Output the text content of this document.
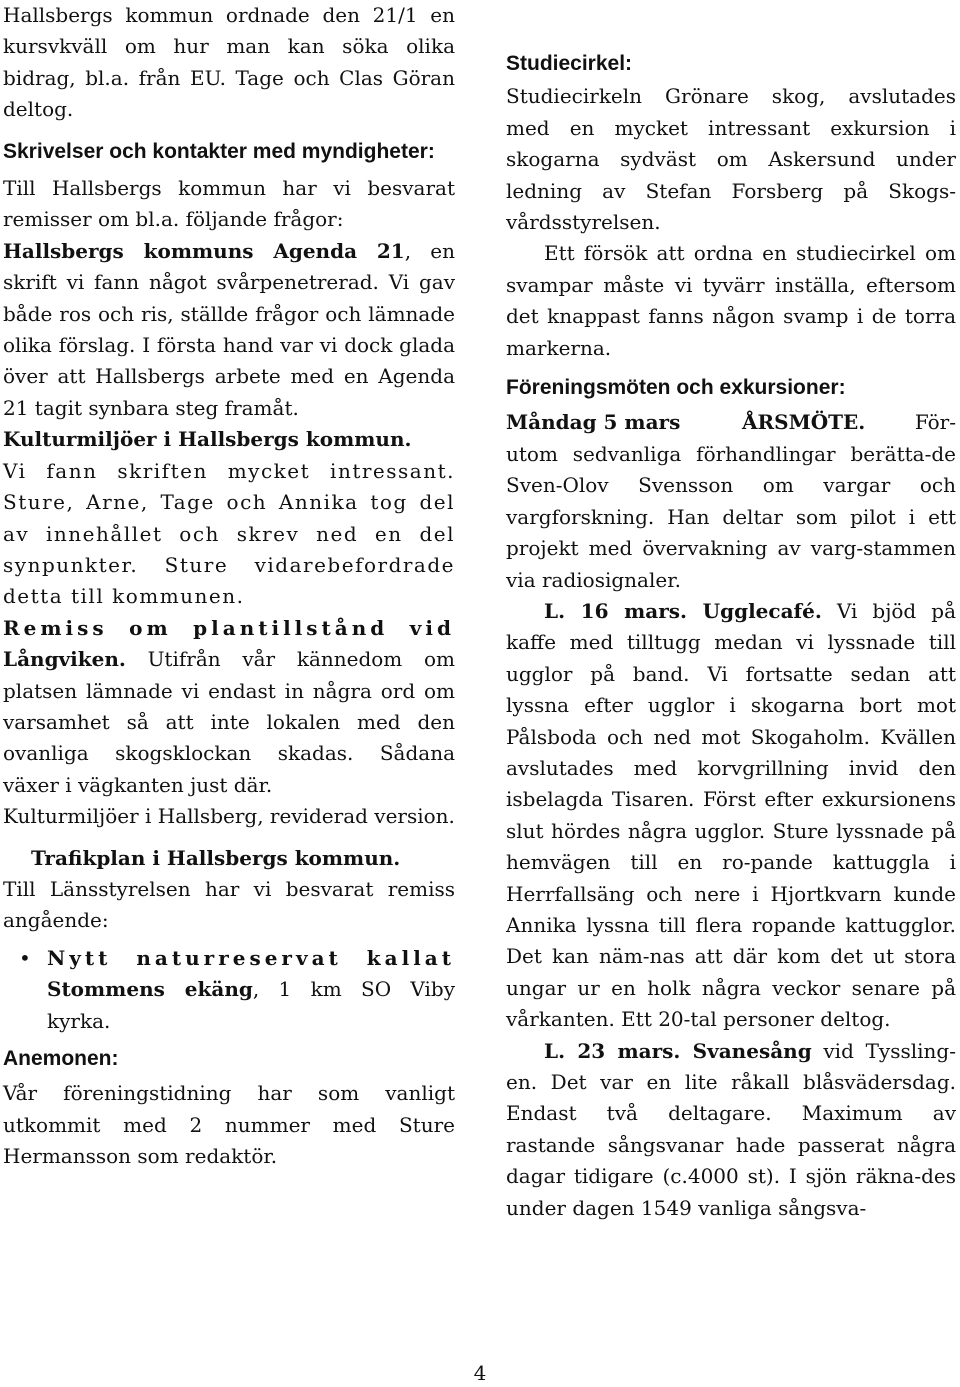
Hallsbergs kommun ordnade den 21/1 en kursvkväll om hur man kan söka olika bidrag, bl.a. från EU. Tage och Clas Göran deltog.

Skrivelser och kontakter med myndigheter:

Till Hallsbergs kommun har vi besvarat remisser om bl.a. följande frågor:

Hallsbergs kommuns Agenda 21, en skrift vi fann något svårpenetrerad. Vi gav både ros och ris, ställde frågor och lämnade olika förslag. I första hand var vi dock glada över att Hallsbergs arbete med en Agenda 21 tagit synbara steg framåt.

Kulturmiljöer i Hallsbergs kommun.

Vi fann skriften mycket intressant. Sture, Arne, Tage och Annika tog del av innehållet och skrev ned en del synpunkter. Sture vidarebefordrade detta till kommunen.

Remiss om plantillstånd vid

Långviken. Utifrån vår kännedom om platsen lämnade vi endast in några ord om varsamhet så att inte lokalen med den ovanliga skogsklockan skadas. Sådana växer i vägkanten just där.

Kulturmiljöer i Hallsberg, reviderad version.

Trafikplan i Hallsbergs kommun.

Till Länsstyrelsen har vi besvarat remiss angående:

• Nytt naturreservat kallat
Stommens ekäng, 1 km SO Viby kyrka.
Anemonen:

Vår föreningstidning har som vanligt utkommit med 2 nummer med Sture Hermansson som redaktör.

Studiecirkel:

Studiecirkeln Grönare skog, avslutades med en mycket intressant exkursion i skogarna sydväst om Askersund under ledning av Stefan Forsberg på Skogs-vårdsstyrelsen.

Ett försök att ordna en studiecirkel om svampar måste vi tyvärr inställa, eftersom det knappast fanns någon svamp i de torra markerna.

Föreningsmöten och exkursioner:

Måndag 5 mars	ÅRSMÖTE. För-utom sedvanliga förhandlingar berätta-de Sven-Olov Svensson om vargar och vargforskning. Han deltar som pilot i ett projekt med övervakning av varg-stammen via radiosignaler.

L. 16 mars. Ugglecafé. Vi bjöd på kaffe med tilltugg medan vi lyssnade till ugglor på band. Vi fortsatte sedan att lyssna efter ugglor i skogarna bort mot Pålsboda och ned mot Skogaholm. Kvällen avslutades med korvgrillning invid den isbelagda Tisaren. Först efter exkursionens slut hördes några ugglor. Sture lyssnade på hemvägen till en ro-pande kattuggla i Herrfallsäng och nere i Hjortkvarn kunde Annika lyssna till flera ropande kattugglor. Det kan näm-nas att där kom det ut stora ungar ur en holk några veckor senare på vårkanten. Ett 20-tal personer deltog.

L. 23 mars. Svanesång vid Tyssling-en. Det var en lite råkall blåsvädersdag. Endast två deltagare. Maximum av rastande sångsvanar hade passerat några dagar tidigare (c.4000 st). I sjön räkna-des under dagen 1549 vanliga sångsva-

4
